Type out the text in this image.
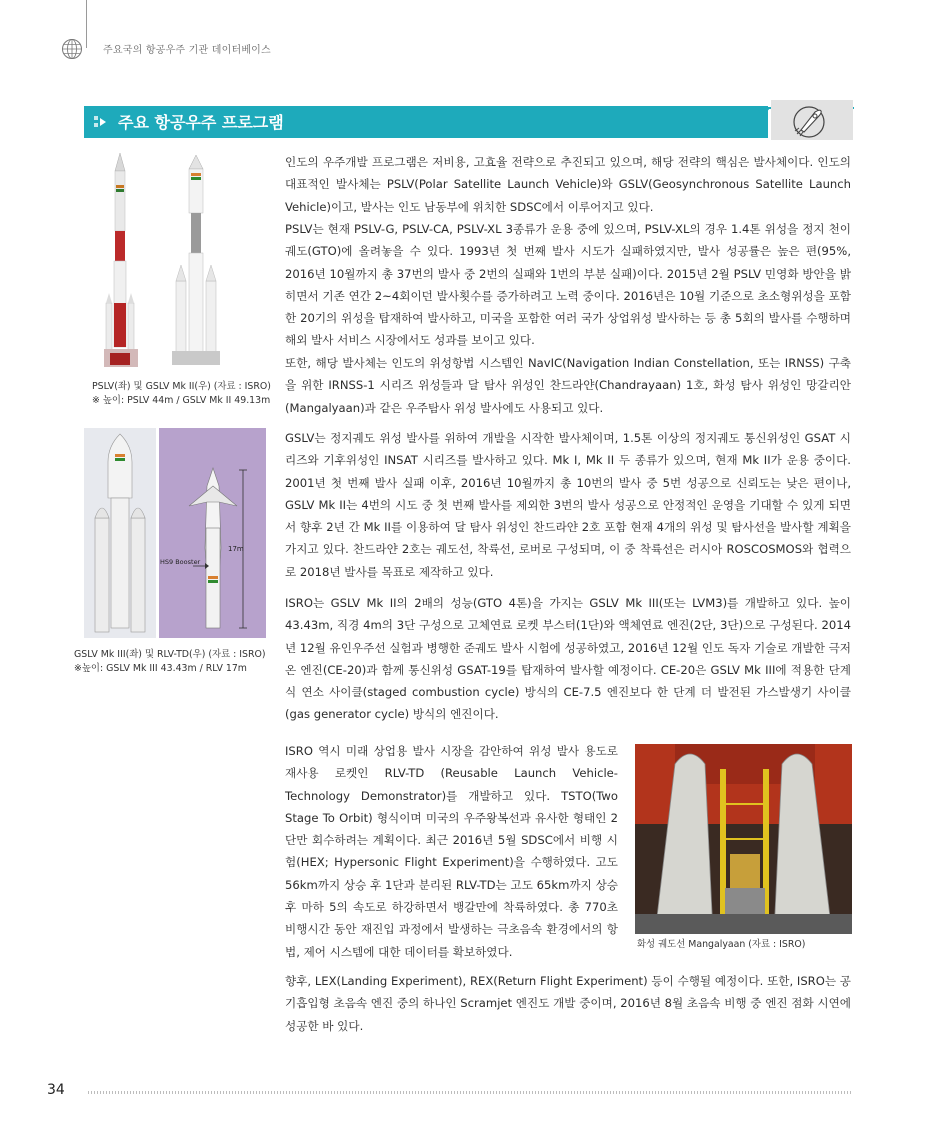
주요국의 항공우주 기관 데이터베이스
주요 항공우주 프로그램

PSLV(좌) 및 GSLV Mk II(우) (자료 : ISRO)

※ 높이: PSLV 44m / GSLV Mk II 49.13m

HS9 Booster
17m

GSLV Mk III(좌) 및 RLV-TD(우) (자료 : ISRO)

※높이: GSLV Mk III 43.43m / RLV 17m

화성 궤도선 Mangalyaan (자료 : ISRO)

인도의 우주개발 프로그램은 저비용, 고효율 전략으로 추진되고 있으며, 해당 전략의 핵심은 발사체이다. 인도의 대표적인 발사체는 PSLV(Polar Satellite Launch Vehicle)와 GSLV(Geosynchronous Satellite Launch Vehicle)이고, 발사는 인도 남동부에 위치한 SDSC에서 이루어지고 있다.

PSLV는 현재 PSLV-G, PSLV-CA, PSLV-XL 3종류가 운용 중에 있으며, PSLV-XL의 경우 1.4톤 위성을 정지 천이 궤도(GTO)에 올려놓을 수 있다. 1993년 첫 번째 발사 시도가 실패하였지만, 발사 성공률은 높은 편(95%, 2016년 10월까지 총 37번의 발사 중 2번의 실패와 1번의 부분 실패)이다. 2015년 2월 PSLV 민영화 방안을 밝히면서 기존 연간 2~4회이던 발사횟수를 증가하려고 노력 중이다. 2016년은 10월 기준으로 초소형위성을 포함한 20기의 위성을 탑재하여 발사하고, 미국을 포함한 여러 국가 상업위성 발사하는 등 총 5회의 발사를 수행하며 해외 발사 서비스 시장에서도 성과를 보이고 있다.

또한, 해당 발사체는 인도의 위성항법 시스템인 NavIC(Navigation Indian Constellation, 또는 IRNSS) 구축을 위한 IRNSS-1 시리즈 위성들과 달 탐사 위성인 찬드라얀(Chandrayaan) 1호, 화성 탐사 위성인 망갈리안(Mangalyaan)과 같은 우주탐사 위성 발사에도 사용되고 있다.

GSLV는 정지궤도 위성 발사를 위하여 개발을 시작한 발사체이며, 1.5톤 이상의 정지궤도 통신위성인 GSAT 시리즈와 기후위성인 INSAT 시리즈를 발사하고 있다. Mk I, Mk II 두 종류가 있으며, 현재 Mk II가 운용 중이다. 2001년 첫 번째 발사 실패 이후, 2016년 10월까지 총 10번의 발사 중 5번 성공으로 신뢰도는 낮은 편이나, GSLV Mk II는 4번의 시도 중 첫 번째 발사를 제외한 3번의 발사 성공으로 안정적인 운영을 기대할 수 있게 되면서 향후 2년 간 Mk II를 이용하여 달 탐사 위성인 찬드라얀 2호 포함 현재 4개의 위성 및 탐사선을 발사할 계획을 가지고 있다. 찬드라얀 2호는 궤도선, 착륙선, 로버로 구성되며, 이 중 착륙선은 러시아 ROSCOSMOS와 협력으로 2018년 발사를 목표로 제작하고 있다.

ISRO는 GSLV Mk II의 2배의 성능(GTO 4톤)을 가지는 GSLV Mk III(또는 LVM3)를 개발하고 있다. 높이 43.43m, 직경 4m의 3단 구성으로 고체연료 로켓 부스터(1단)와 액체연료 엔진(2단, 3단)으로 구성된다. 2014년 12월 유인우주선 실험과 병행한 준궤도 발사 시험에 성공하였고, 2016년 12월 인도 독자 기술로 개발한 극저온 엔진(CE-20)과 함께 통신위성 GSAT-19를 탑재하여 발사할 예정이다. CE-20은 GSLV Mk III에 적용한 단계식 연소 사이클(staged combustion cycle) 방식의 CE-7.5 엔진보다 한 단계 더 발전된 가스발생기 사이클(gas generator cycle) 방식의 엔진이다.

ISRO 역시 미래 상업용 발사 시장을 감안하여 위성 발사 용도로 재사용 로켓인 RLV-TD (Reusable Launch Vehicle-Technology Demonstrator)를 개발하고 있다. TSTO(Two Stage To Orbit) 형식이며 미국의 우주왕복선과 유사한 형태인 2단만 회수하려는 계획이다. 최근 2016년 5월 SDSC에서 비행 시험(HEX; Hypersonic Flight Experiment)을 수행하였다. 고도 56km까지 상승 후 1단과 분리된 RLV-TD는 고도 65km까지 상승 후 마하 5의 속도로 하강하면서 뱅갈만에 착륙하였다. 총 770초 비행시간 동안 재진입 과정에서 발생하는 극초음속 환경에서의 항법, 제어 시스템에 대한 데이터를 확보하였다.

향후, LEX(Landing Experiment), REX(Return Flight Experiment) 등이 수행될 예정이다. 또한, ISRO는 공기흡입형 초음속 엔진 중의 하나인 Scramjet 엔진도 개발 중이며, 2016년 8월 초음속 비행 중 엔진 점화 시연에 성공한 바 있다.

34
